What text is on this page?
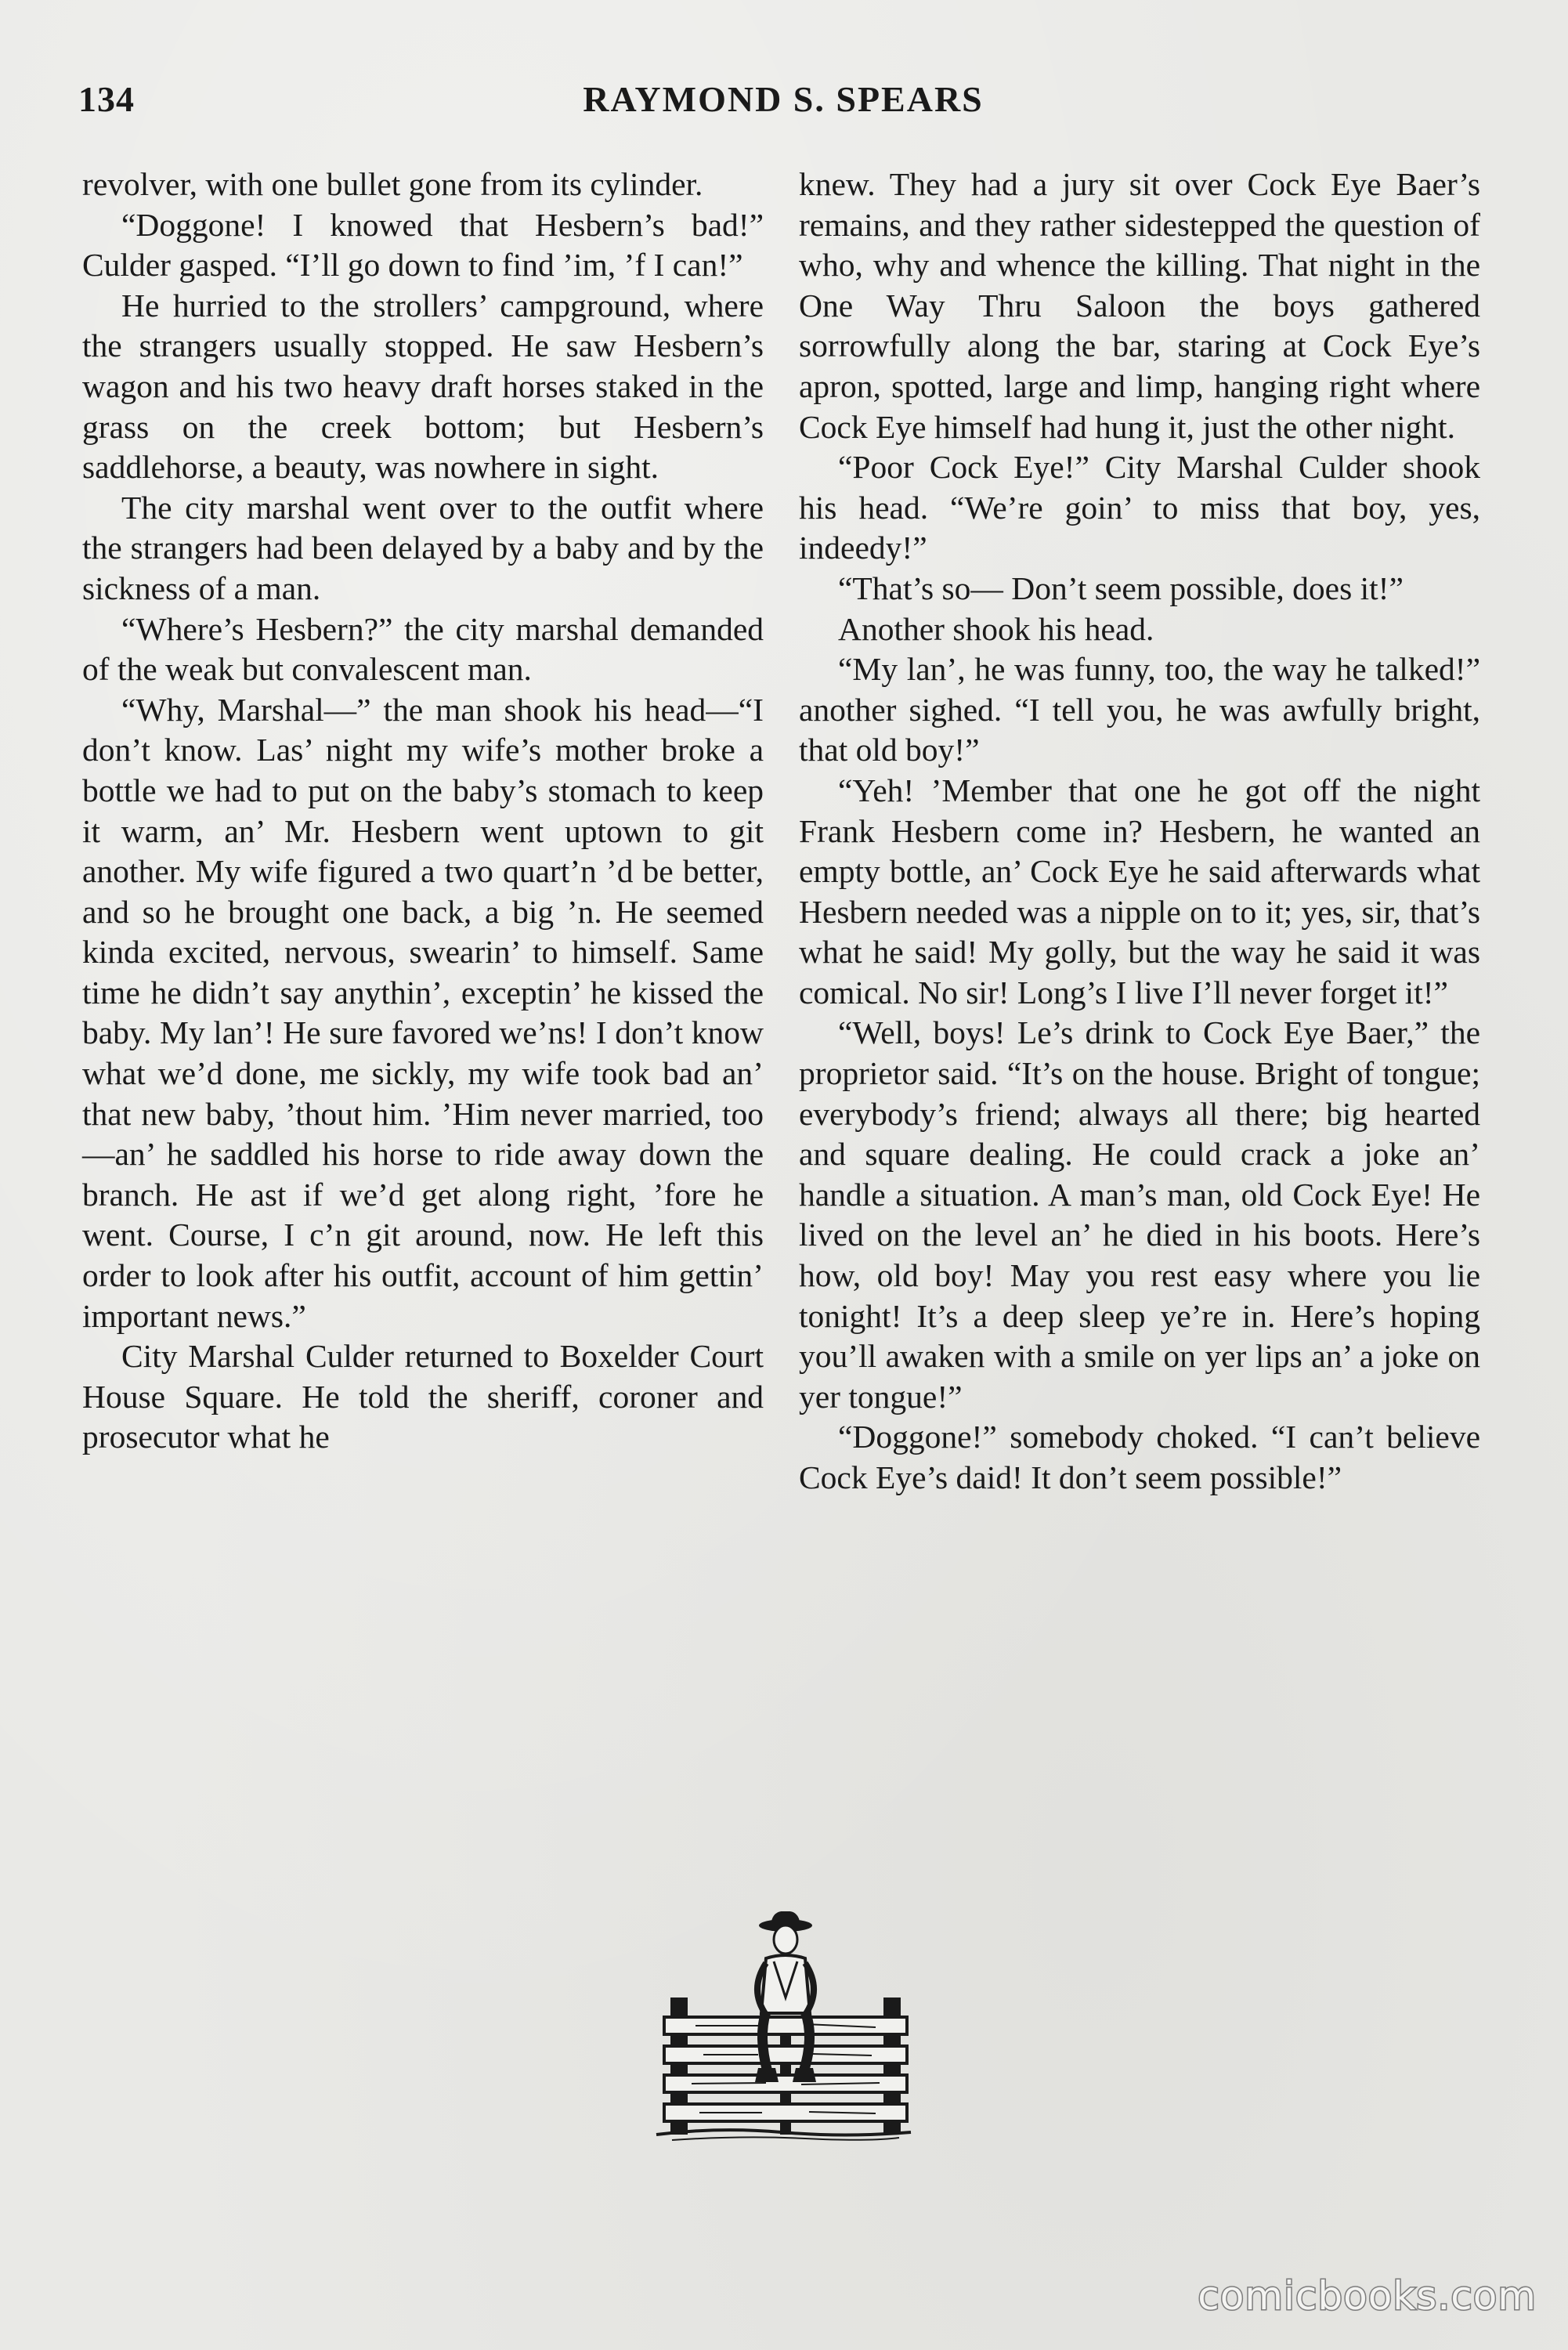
134	RAYMOND S. SPEARS

revolver, with one bullet gone from its cylinder.

“Doggone! I knowed that Hesbern’s bad!” Culder gasped. “I’ll go down to find ’im, ’f I can!”

He hurried to the strollers’ campground, where the strangers usually stopped. He saw Hesbern’s wagon and his two heavy draft horses staked in the grass on the creek bottom; but Hesbern’s saddlehorse, a beauty, was nowhere in sight.

The city marshal went over to the outfit where the strangers had been delayed by a baby and by the sickness of a man.

“Where’s Hesbern?” the city marshal demanded of the weak but convalescent man.

“Why, Marshal—” the man shook his head—“I don’t know. Las’ night my wife’s mother broke a bottle we had to put on the baby’s stomach to keep it warm, an’ Mr. Hesbern went uptown to git another. My wife figured a two quart’n ’d be better, and so he brought one back, a big ’n. He seemed kinda excited, nervous, swearin’ to himself. Same time he didn’t say anythin’, exceptin’ he kissed the baby. My lan’! He sure favored we’ns! I don’t know what we’d done, me sickly, my wife took bad an’ that new baby, ’thout him. ’Him never married, too—an’ he saddled his horse to ride away down the branch. He ast if we’d get along right, ’fore he went. Course, I c’n git around, now. He left this order to look after his outfit, account of him gettin’ important news.”

City Marshal Culder returned to Boxelder Court House Square. He told the sheriff, coroner and prosecutor what he

knew. They had a jury sit over Cock Eye Baer’s remains, and they rather sidestepped the question of who, why and whence the killing. That night in the One Way Thru Saloon the boys gathered sorrowfully along the bar, staring at Cock Eye’s apron, spotted, large and limp, hanging right where Cock Eye himself had hung it, just the other night.

“Poor Cock Eye!” City Marshal Culder shook his head. “We’re goin’ to miss that boy, yes, indeedy!”

“That’s so— Don’t seem possible, does it!”

Another shook his head.

“My lan’, he was funny, too, the way he talked!” another sighed. “I tell you, he was awfully bright, that old boy!”

“Yeh! ’Member that one he got off the night Frank Hesbern come in? Hesbern, he wanted an empty bottle, an’ Cock Eye he said afterwards what Hesbern needed was a nipple on to it; yes, sir, that’s what he said! My golly, but the way he said it was comical. No sir! Long’s I live I’ll never forget it!”

“Well, boys! Le’s drink to Cock Eye Baer,” the proprietor said. “It’s on the house. Bright of tongue; everybody’s friend; always all there; big hearted and square dealing. He could crack a joke an’ handle a situation. A man’s man, old Cock Eye! He lived on the level an’ he died in his boots. Here’s how, old boy! May you rest easy where you lie tonight! It’s a deep sleep ye’re in. Here’s hoping you’ll awaken with a smile on yer lips an’ a joke on yer tongue!”

“Doggone!” somebody choked. “I can’t believe Cock Eye’s daid! It don’t seem possible!”

comicbooks.com
